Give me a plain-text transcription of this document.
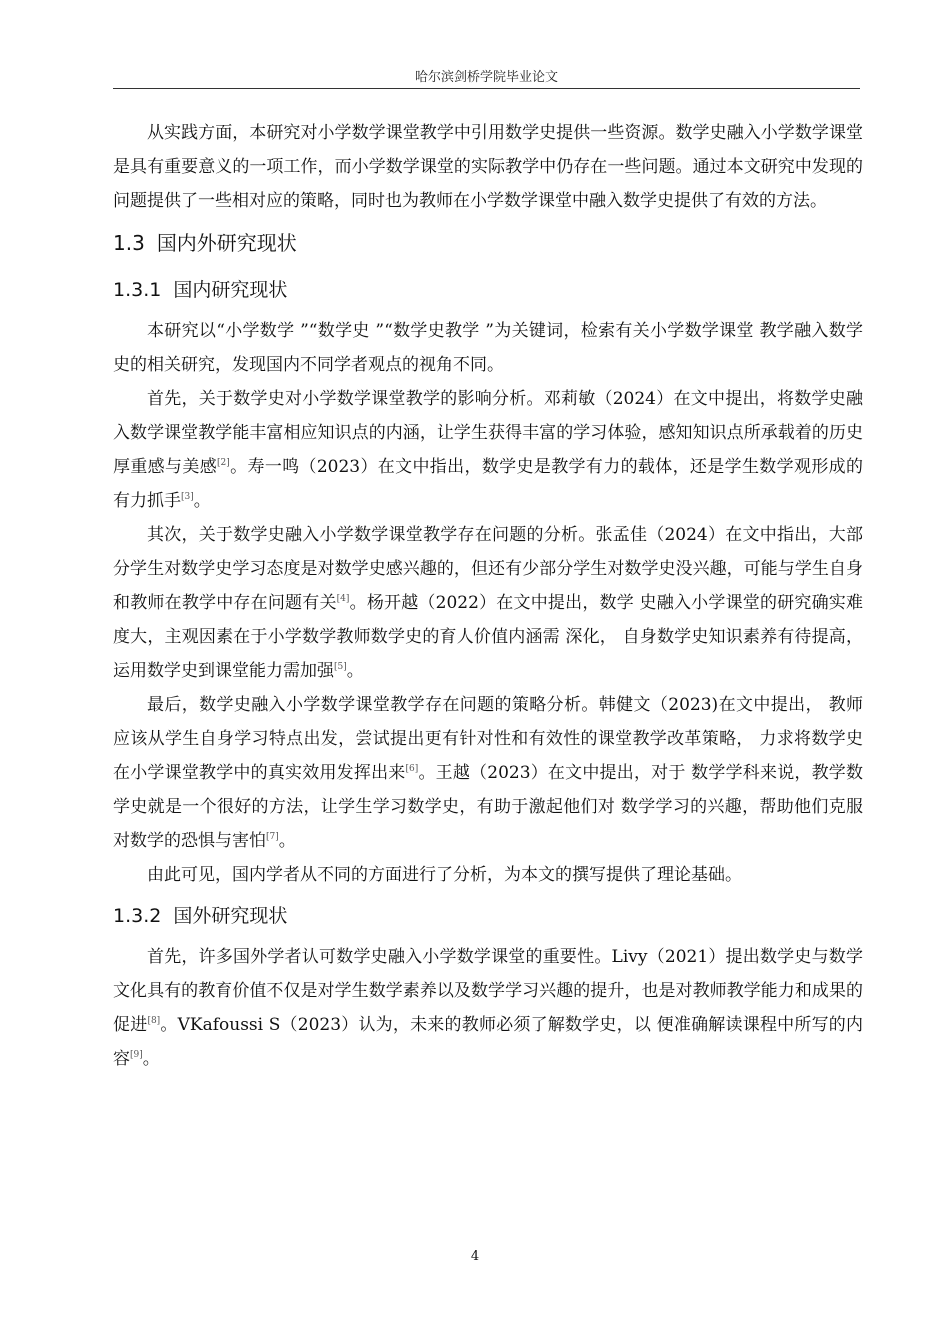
哈尔滨剑桥学院毕业论文

从实践方面，本研究对小学数学课堂教学中引用数学史提供一些资源。数学史融入小学数学课堂是具有重要意义的一项工作，而小学数学课堂的实际教学中仍存在一些问题。通过本文研究中发现的问题提供了一些相对应的策略，同时也为教师在小学数学课堂中融入数学史提供了有效的方法。

1.3 国内外研究现状
1.3.1 国内研究现状

本研究以“小学数学 ”“数学史 ”“数学史教学 ”为关键词，检索有关小学数学课堂 教学融入数学史的相关研究，发现国内不同学者观点的视角不同。

首先，关于数学史对小学数学课堂教学的影响分析。邓莉敏（2024）在文中提出，将数学史融入数学课堂教学能丰富相应知识点的内涵，让学生获得丰富的学习体验，感知知识点所承载着的历史厚重感与美感[2]。寿一鸣（2023）在文中指出，数学史是教学有力的载体，还是学生数学观形成的有力抓手[3]。

其次，关于数学史融入小学数学课堂教学存在问题的分析。张孟佳（2024）在文中指出，大部分学生对数学史学习态度是对数学史感兴趣的，但还有少部分学生对数学史没兴趣，可能与学生自身和教师在教学中存在问题有关[4]。杨开越（2022）在文中提出，数学 史融入小学课堂的研究确实难度大，主观因素在于小学数学教师数学史的育人价值内涵需 深化， 自身数学史知识素养有待提高，运用数学史到课堂能力需加强[5]。

最后，数学史融入小学数学课堂教学存在问题的策略分析。韩健文（2023)在文中提出， 教师应该从学生自身学习特点出发，尝试提出更有针对性和有效性的课堂教学改革策略， 力求将数学史在小学课堂教学中的真实效用发挥出来[6]。王越（2023）在文中提出，对于 数学学科来说，教学数学史就是一个很好的方法，让学生学习数学史，有助于激起他们对 数学学习的兴趣，帮助他们克服对数学的恐惧与害怕[7]。

由此可见，国内学者从不同的方面进行了分析，为本文的撰写提供了理论基础。

1.3.2 国外研究现状

首先，许多国外学者认可数学史融入小学数学课堂的重要性。Livy（2021）提出数学史与数学文化具有的教育价值不仅是对学生数学素养以及数学学习兴趣的提升，也是对教师教学能力和成果的促进[8]。VKafoussi S（2023）认为，未来的教师必须了解数学史，以 便准确解读课程中所写的内容[9]。

4
